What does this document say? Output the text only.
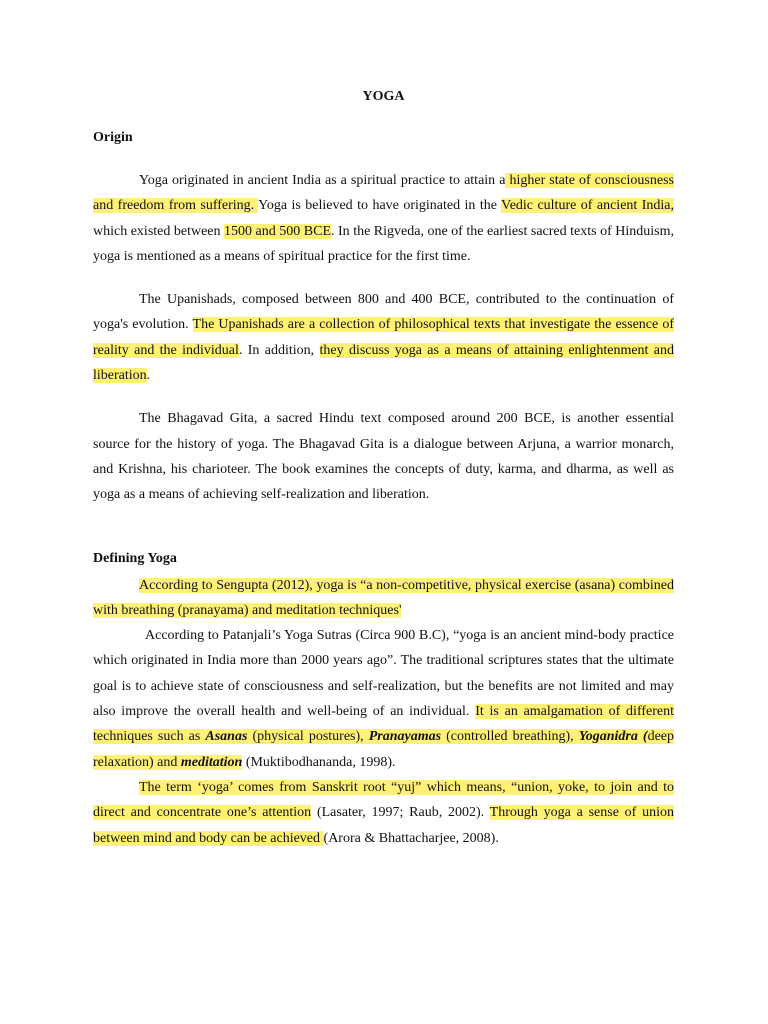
YOGA
Origin

Yoga originated in ancient India as a spiritual practice to attain a higher state of consciousness and freedom from suffering. Yoga is believed to have originated in the Vedic culture of ancient India, which existed between 1500 and 500 BCE. In the Rigveda, one of the earliest sacred texts of Hinduism, yoga is mentioned as a means of spiritual practice for the first time.

The Upanishads, composed between 800 and 400 BCE, contributed to the continuation of yoga's evolution. The Upanishads are a collection of philosophical texts that investigate the essence of reality and the individual. In addition, they discuss yoga as a means of attaining enlightenment and liberation.

The Bhagavad Gita, a sacred Hindu text composed around 200 BCE, is another essential source for the history of yoga. The Bhagavad Gita is a dialogue between Arjuna, a warrior monarch, and Krishna, his charioteer. The book examines the concepts of duty, karma, and dharma, as well as yoga as a means of achieving self-realization and liberation.

Defining Yoga

According to Sengupta (2012), yoga is “a non-competitive, physical exercise (asana) combined with breathing (pranayama) and meditation techniques'

According to Patanjali’s Yoga Sutras (Circa 900 B.C), “yoga is an ancient mind-body practice which originated in India more than 2000 years ago”. The traditional scriptures states that the ultimate goal is to achieve state of consciousness and self-realization, but the benefits are not limited and may also improve the overall health and well-being of an individual. It is an amalgamation of different techniques such as Asanas (physical postures), Pranayamas (controlled breathing), Yoganidra (deep relaxation) and meditation (Muktibodhananda, 1998).

The term ‘yoga’ comes from Sanskrit root “yuj” which means, “union, yoke, to join and to direct and concentrate one’s attention (Lasater, 1997; Raub, 2002). Through yoga a sense of union between mind and body can be achieved (Arora & Bhattacharjee, 2008).
